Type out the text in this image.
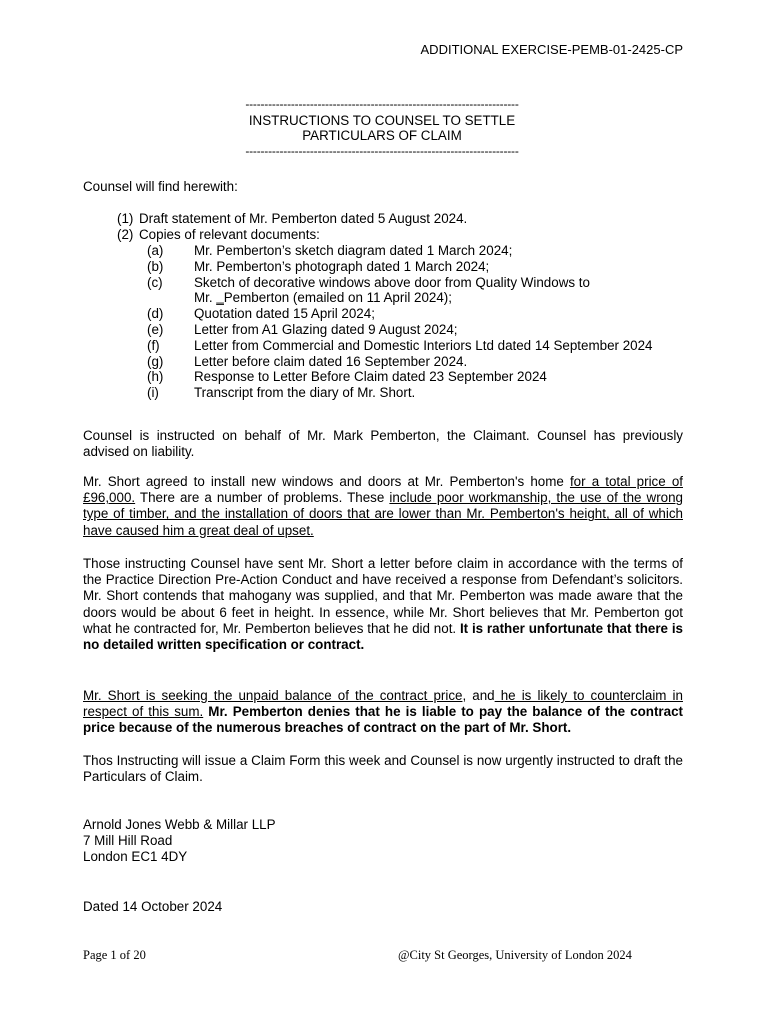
ADDITIONAL EXERCISE-PEMB-01-2425-CP
------------------------------------------------------------------------
INSTRUCTIONS TO COUNSEL TO SETTLE
PARTICULARS OF CLAIM
------------------------------------------------------------------------
Counsel will find herewith:
(1) Draft statement of Mr. Pemberton dated 5 August 2024.
(2) Copies of relevant documents:
(a)	Mr. Pemberton’s sketch diagram dated 1 March 2024;
(b)	Mr. Pemberton’s photograph dated 1 March 2024;
(c)	Sketch of decorative windows above door from Quality Windows to
Mr. ‗Pemberton (emailed on 11 April 2024);
(d)	Quotation dated 15 April 2024;
(e)	Letter from A1 Glazing dated 9 August 2024;
(f)	Letter from Commercial and Domestic Interiors Ltd dated 14 September 2024
(g)	Letter before claim dated 16 September 2024.
(h)	Response to Letter Before Claim dated 23 September 2024
(i)	Transcript from the diary of Mr. Short.
Counsel is instructed on behalf of Mr. Mark Pemberton, the Claimant. Counsel has previously advised on liability.
Mr. Short agreed to install new windows and doors at Mr. Pemberton's home for a total price of £96,000. There are a number of problems. These include poor workmanship, the use of the wrong type of timber, and the installation of doors that are lower than Mr. Pemberton's height, all of which have caused him a great deal of upset.
Those instructing Counsel have sent Mr. Short a letter before claim in accordance with the terms of the Practice Direction Pre-Action Conduct and have received a response from Defendant’s solicitors. Mr. Short contends that mahogany was supplied, and that Mr. Pemberton was made aware that the doors would be about 6 feet in height. In essence, while Mr. Short believes that Mr. Pemberton got what he contracted for, Mr. Pemberton believes that he did not. It is rather unfortunate that there is no detailed written specification or contract.
Mr. Short is seeking the unpaid balance of the contract price, and he is likely to counterclaim in respect of this sum. Mr. Pemberton denies that he is liable to pay the balance of the contract price because of the numerous breaches of contract on the part of Mr. Short.
Thos Instructing will issue a Claim Form this week and Counsel is now urgently instructed to draft the Particulars of Claim.
Arnold Jones Webb & Millar LLP
7 Mill Hill Road
London EC1 4DY
Dated 14 October 2024
Page 1 of 20	@City St Georges, University of London 2024
